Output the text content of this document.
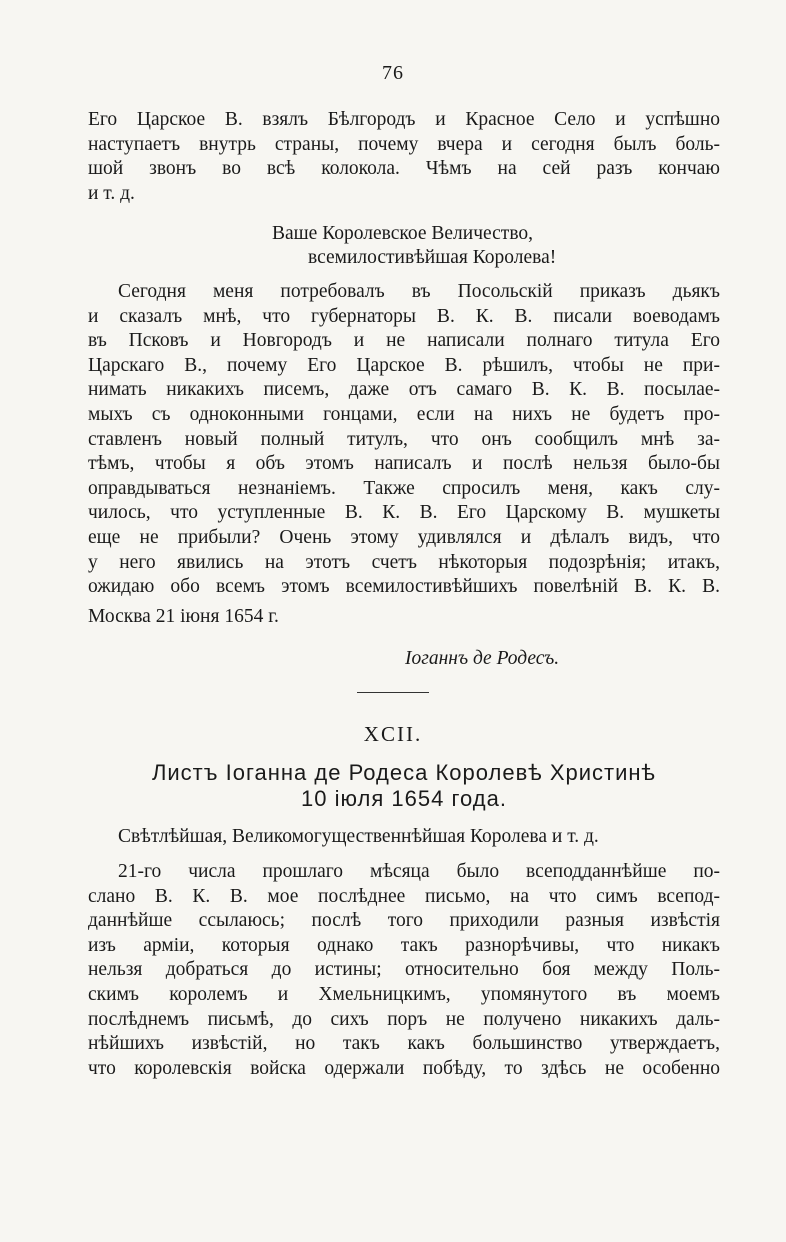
76
Его Царское В. взялъ Бѣлгородъ и Красное Село и успѣшно
наступаетъ внутрь страны, почему вчера и сегодня былъ боль-
шой звонъ во всѣ колокола. Чѣмъ на сей разъ кончаю
и т. д.
Ваше Королевское Величество,
всемилостивѣйшая Королева!
Сегодня меня потребовалъ въ Посольскій приказъ дьякъ
и сказалъ мнѣ, что губернаторы В. К. В. писали воеводамъ
въ Псковъ и Новгородъ и не написали полнаго титула Его
Царскаго В., почему Его Царское В. рѣшилъ, чтобы не при-
нимать никакихъ писемъ, даже отъ самаго В. К. В. посылае-
мыхъ съ одноконными гонцами, если на нихъ не будетъ про-
ставленъ новый полный титулъ, что онъ сообщилъ мнѣ за-
тѣмъ, чтобы я объ этомъ написалъ и послѣ нельзя было-бы
оправдываться незнаніемъ. Также спросилъ меня, какъ слу-
чилось, что уступленные В. К. В. Его Царскому В. мушкеты
еще не прибыли? Очень этому удивлялся и дѣлалъ видъ, что
у него явились на этотъ счетъ нѣкоторыя подозрѣнія; итакъ,
ожидаю обо всемъ этомъ всемилостивѣйшихъ повелѣній В. К. В.
Москва 21 іюня 1654 г.
Іоганнъ де Родесъ.
XCII.
Листъ Іоганна де Родеса Королевѣ Христинѣ
10 іюля 1654 года.
Свѣтлѣйшая, Великомогущественнѣйшая Королева и т. д.
21-го числа прошлаго мѣсяца было всеподданнѣйше по-
слано В. К. В. мое послѣднее письмо, на что симъ всепод-
даннѣйше ссылаюсь; послѣ того приходили разныя извѣстія
изъ арміи, которыя однако такъ разнорѣчивы, что никакъ
нельзя добраться до истины; относительно боя между Поль-
скимъ королемъ и Хмельницкимъ, упомянутого въ моемъ
послѣднемъ письмѣ, до сихъ поръ не получено никакихъ даль-
нѣйшихъ извѣстій, но такъ какъ большинство утверждаетъ,
что королевскія войска одержали побѣду, то здѣсь не особенно
